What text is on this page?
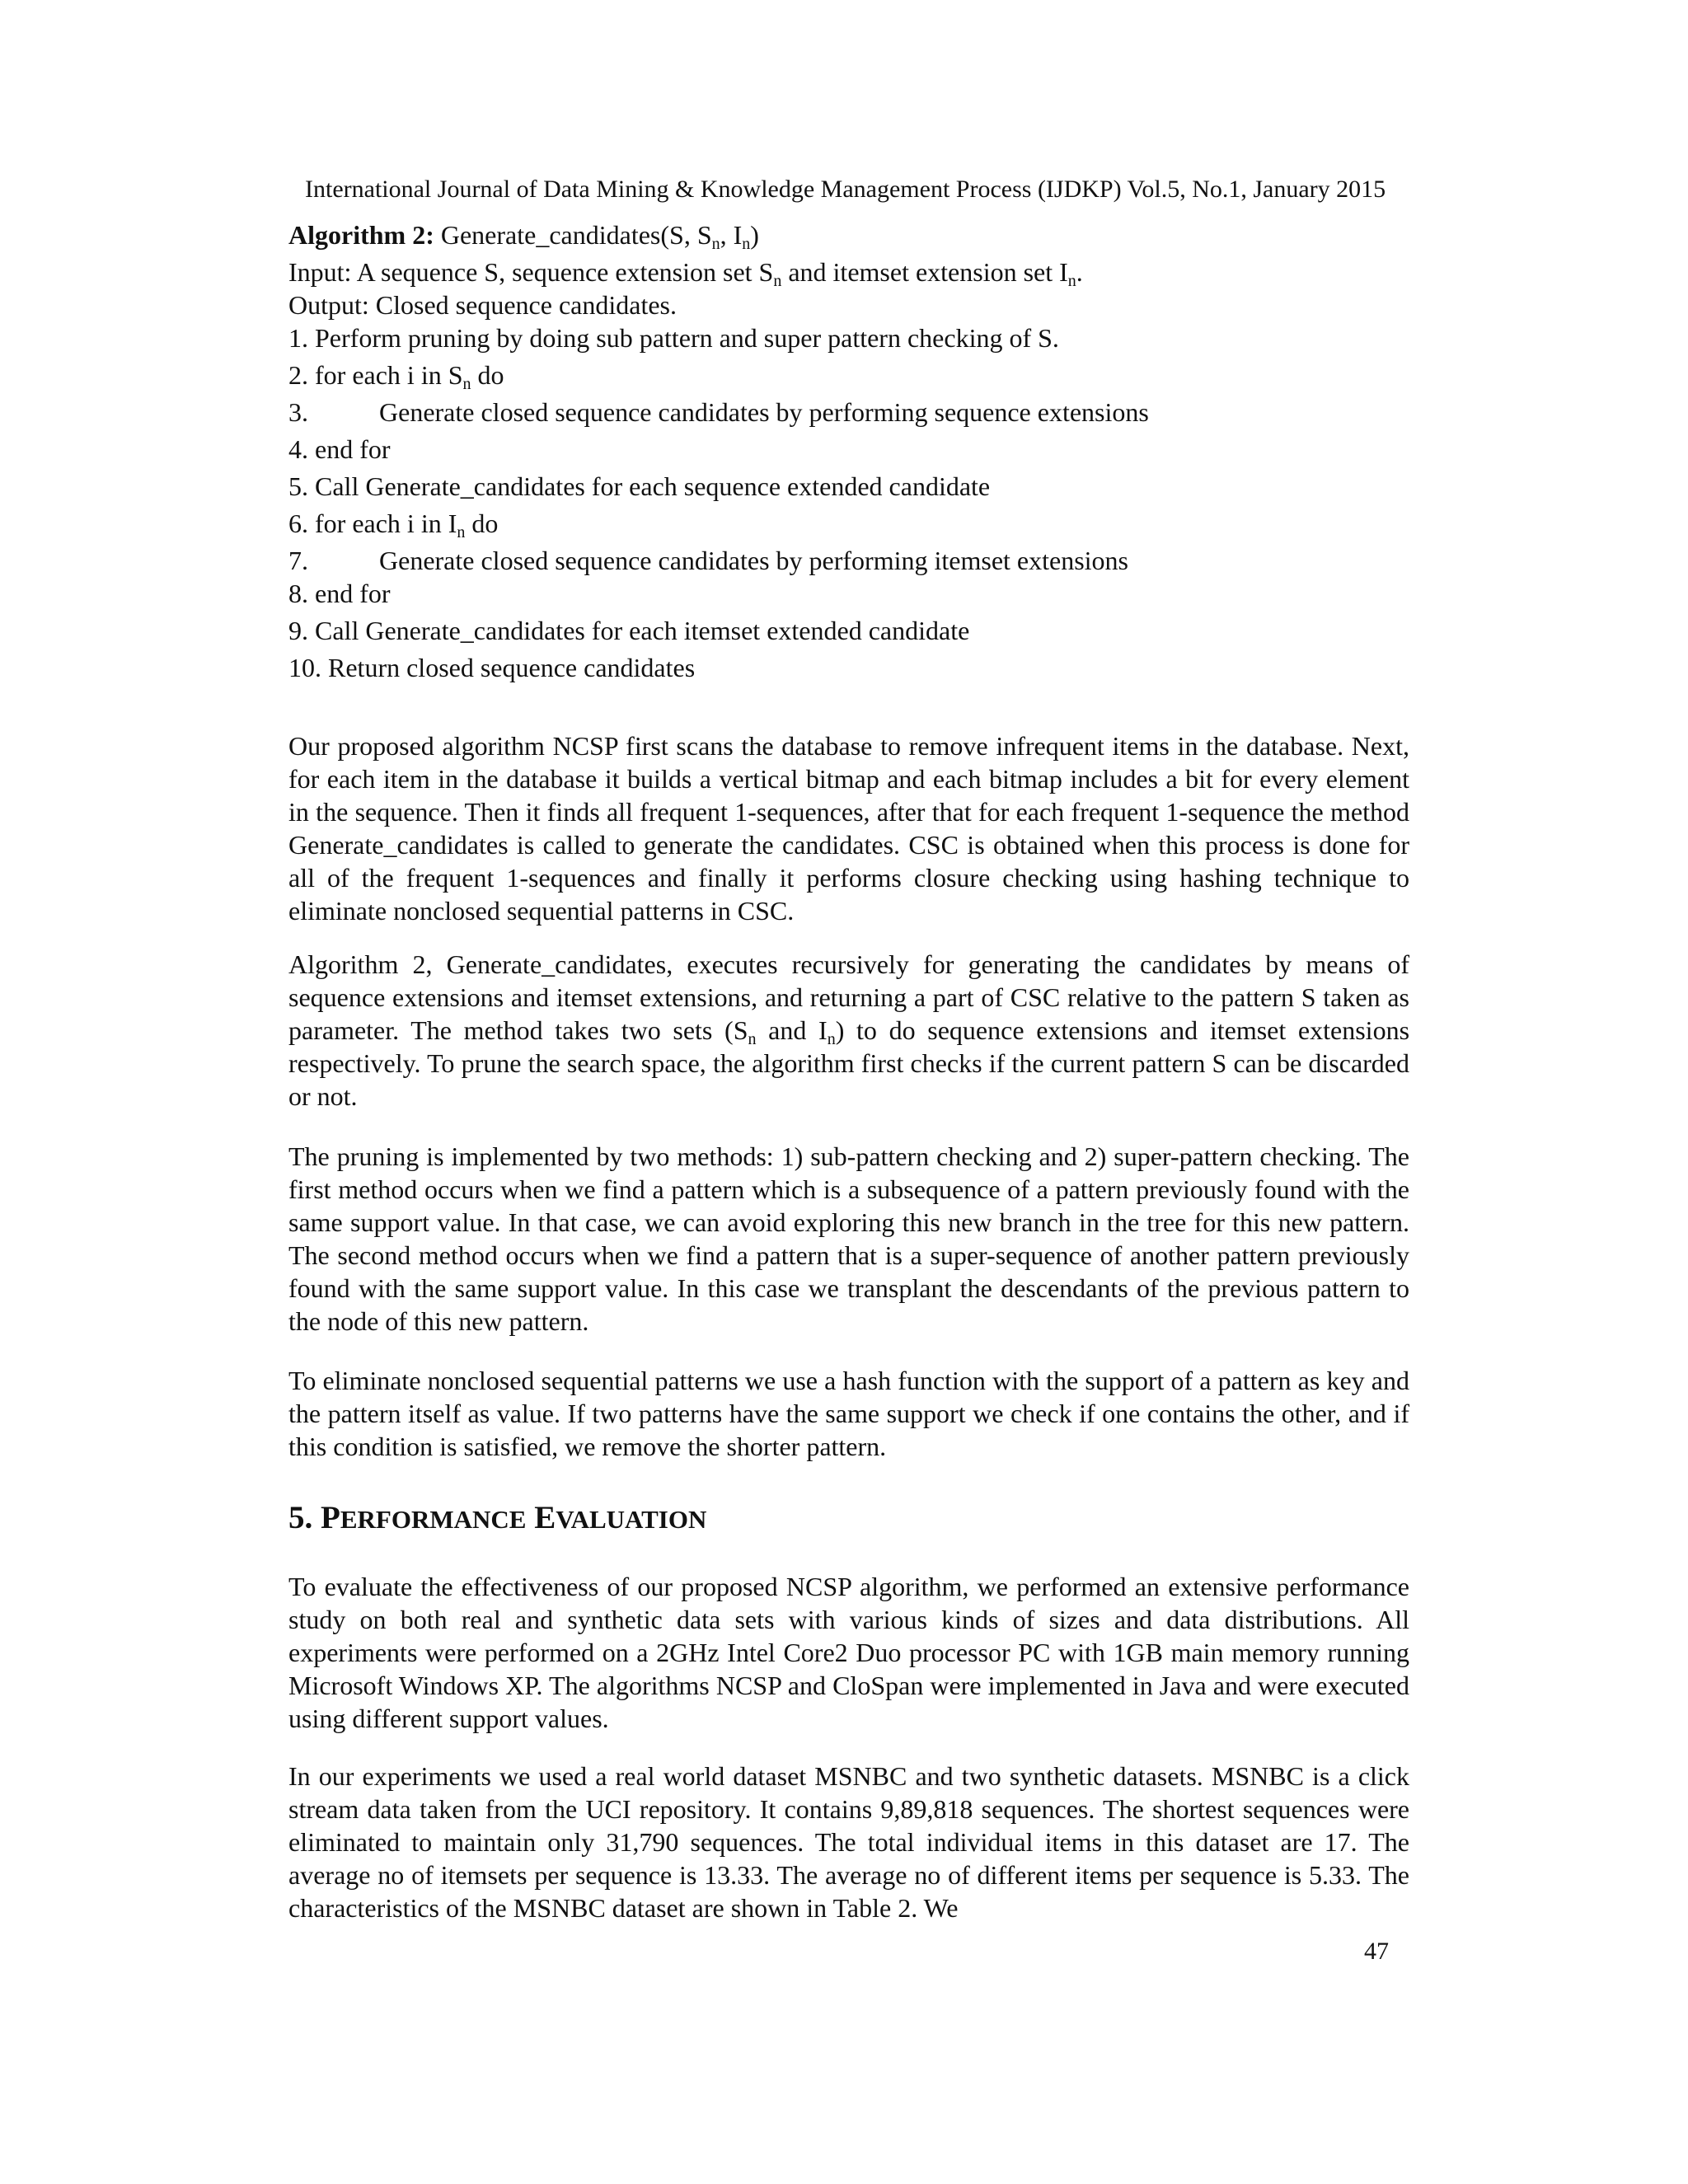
International Journal of Data Mining & Knowledge Management Process (IJDKP) Vol.5, No.1, January 2015
Algorithm 2: Generate_candidates(S, $S_n$, $I_n$)
Input: A sequence S, sequence extension set $S_n$ and itemset extension set $I_n$.
Output: Closed sequence candidates.
1. Perform pruning by doing sub pattern and super pattern checking of S.
2. for each i in $S_n$ do
3.	Generate closed sequence candidates by performing sequence extensions
4. end for
5. Call Generate_candidates for each sequence extended candidate
6. for each i in $I_n$ do
7.	Generate closed sequence candidates by performing itemset extensions
8. end for
9. Call Generate_candidates for each itemset extended candidate
10. Return closed sequence candidates

Our proposed algorithm NCSP first scans the database to remove infrequent items in the database. Next, for each item in the database it builds a vertical bitmap and each bitmap includes a bit for every element in the sequence. Then it finds all frequent 1-sequences, after that for each frequent 1-sequence the method Generate_candidates is called to generate the candidates. CSC is obtained when this process is done for all of the frequent 1-sequences and finally it performs closure checking using hashing technique to eliminate nonclosed sequential patterns in CSC.

Algorithm 2, Generate_candidates, executes recursively for generating the candidates by means of sequence extensions and itemset extensions, and returning a part of CSC relative to the pattern S taken as parameter. The method takes two sets ($S_n$ and $I_n$) to do sequence extensions and itemset extensions respectively. To prune the search space, the algorithm first checks if the current pattern S can be discarded or not.

The pruning is implemented by two methods: 1) sub-pattern checking and 2) super-pattern checking. The first method occurs when we find a pattern which is a subsequence of a pattern previously found with the same support value. In that case, we can avoid exploring this new branch in the tree for this new pattern. The second method occurs when we find a pattern that is a super-sequence of another pattern previously found with the same support value. In this case we transplant the descendants of the previous pattern to the node of this new pattern.

To eliminate nonclosed sequential patterns we use a hash function with the support of a pattern as key and the pattern itself as value. If two patterns have the same support we check if one contains the other, and if this condition is satisfied, we remove the shorter pattern.

5. PERFORMANCE EVALUATION

To evaluate the effectiveness of our proposed NCSP algorithm, we performed an extensive performance study on both real and synthetic data sets with various kinds of sizes and data distributions. All experiments were performed on a 2GHz Intel Core2 Duo processor PC with 1GB main memory running Microsoft Windows XP. The algorithms NCSP and CloSpan were implemented in Java and were executed using different support values.

In our experiments we used a real world dataset MSNBC and two synthetic datasets. MSNBC is a click stream data taken from the UCI repository. It contains 9,89,818 sequences. The shortest sequences were eliminated to maintain only 31,790 sequences. The total individual items in this dataset are 17. The average no of itemsets per sequence is 13.33. The average no of different items per sequence is 5.33. The characteristics of the MSNBC dataset are shown in Table 2. We

47
